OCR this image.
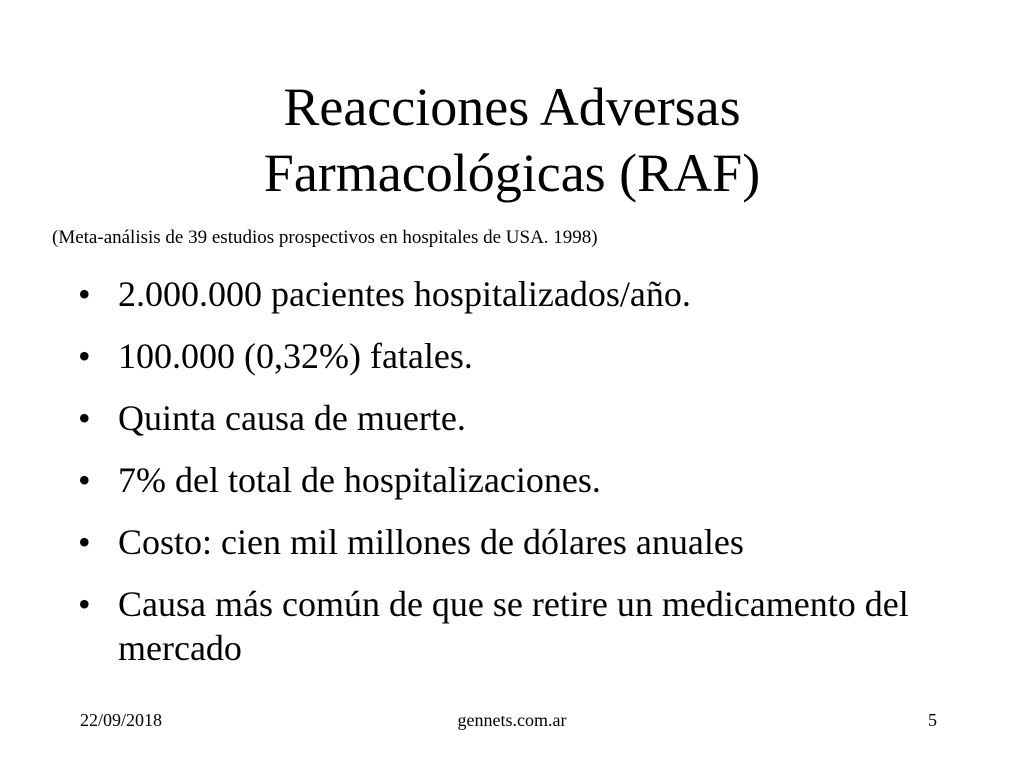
Reacciones Adversas
Farmacológicas (RAF)
(Meta-análisis de 39 estudios prospectivos en hospitales de USA. 1998)
• 2.000.000 pacientes hospitalizados/año.
• 100.000 (0,32%) fatales.
• Quinta causa de muerte.
• 7% del total de hospitalizaciones.
• Costo: cien mil millones de dólares anuales
• Causa más común de que se retire un medicamento del mercado
22/09/2018	gennets.com.ar	5
